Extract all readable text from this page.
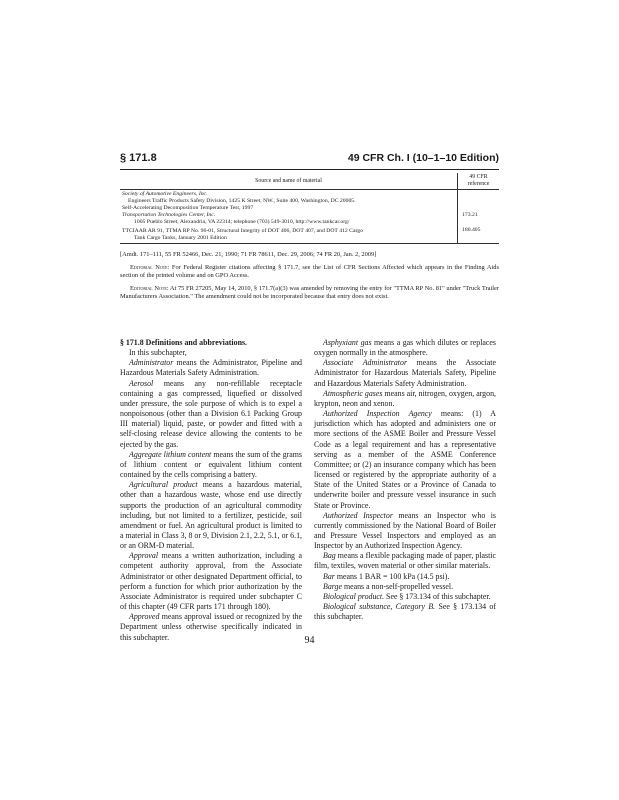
§ 171.8	49 CFR Ch. I (10–1–10 Edition)
Source and name of material	49 CFR reference

Society of Automotive Engineers, Inc.
Engineers Traffic Products Safety Division, 1425 K Street, NW., Suite 400, Washington, DC 20005.
Self-Accelerating Decomposition Temperature Test, 1997
Transportation Technologies Center, Inc.
1005 Pueblo Street, Alexandria, VA 22314; telephone (703) 549-3010, http://www.tankcar.org/	173.21

TTCIAAR AR 91, TTMA RP No. 96-01, Structural Integrity of DOT 406, DOT 407, and DOT 412 Cargo
Tank Cargo Tanks, January 2001 Edition	180.405

[Amdt. 171–111, 55 FR 52466, Dec. 21, 1990; 71 FR 78611, Dec. 29, 2006; 74 FR 20, Jan. 2, 2009]

Editorial Note: For Federal Register citations affecting § 171.7, see the List of CFR Sections Affected which appears in the Finding Aids section of the printed volume and on GPO Access.

Editorial Note: At 75 FR 27205, May 14, 2010, § 171.7(a)(3) was amended by removing the entry for "TTMA RP No. 81" under "Truck Trailer Manufacturers Association." The amendment could not be incorporated because that entry does not exist.

§ 171.8 Definitions and abbreviations.

In this subchapter,

Administrator means the Administrator, Pipeline and Hazardous Materials Safety Administration.

Aerosol means any non-refillable receptacle containing a gas compressed, liquefied or dissolved under pressure, the sole purpose of which is to expel a nonpoisonous (other than a Division 6.1 Packing Group III material) liquid, paste, or powder and fitted with a self-closing release device allowing the contents to be ejected by the gas.

Aggregate lithium content means the sum of the grams of lithium content or equivalent lithium content contained by the cells comprising a battery.

Agricultural product means a hazardous material, other than a hazardous waste, whose end use directly supports the production of an agricultural commodity including, but not limited to a fertilizer, pesticide, soil amendment or fuel. An agricultural product is limited to a material in Class 3, 8 or 9, Division 2.1, 2.2, 5.1, or 6.1, or an ORM-D material.

Approval means a written authorization, including a competent authority approval, from the Associate Administrator or other designated Department official, to perform a function for which prior authorization by the Associate Administrator is required under subchapter C of this chapter (49 CFR parts 171 through 180).

Approved means approval issued or recognized by the Department unless otherwise specifically indicated in this subchapter.

Asphyxiant gas means a gas which dilutes or replaces oxygen normally in the atmosphere.

Associate Administrator means the Associate Administrator for Hazardous Materials Safety, Pipeline and Hazardous Materials Safety Administration.

Atmospheric gases means air, nitrogen, oxygen, argon, krypton, neon and xenon.

Authorized Inspection Agency means: (1) A jurisdiction which has adopted and administers one or more sections of the ASME Boiler and Pressure Vessel Code as a legal requirement and has a representative serving as a member of the ASME Conference Committee; or (2) an insurance company which has been licensed or registered by the appropriate authority of a State of the United States or a Province of Canada to underwrite boiler and pressure vessel insurance in such State or Province.

Authorized Inspector means an Inspector who is currently commissioned by the National Board of Boiler and Pressure Vessel Inspectors and employed as an Inspector by an Authorized Inspection Agency.

Bag means a flexible packaging made of paper, plastic film, textiles, woven material or other similar materials.

Bar means 1 BAR = 100 kPa (14.5 psi).

Barge means a non-self-propelled vessel.

Biological product. See § 173.134 of this subchapter.

Biological substance, Category B. See § 173.134 of this subchapter.

94
